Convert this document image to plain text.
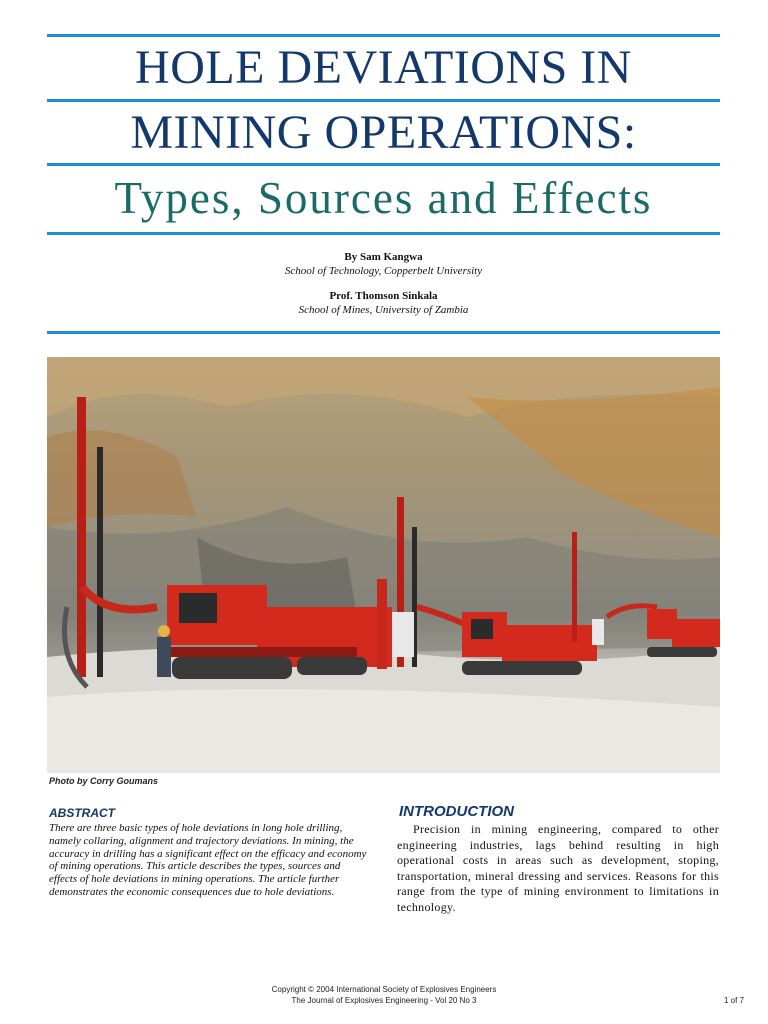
HOLE DEVIATIONS IN
MINING OPERATIONS:
Types, Sources and Effects
By Sam Kangwa
School of Technology, Copperbelt University
Prof. Thomson Sinkala
School of Mines, University of Zambia
Photo by Corry Goumans
ABSTRACT
There are three basic types of hole deviations in long hole drilling, namely collaring, alignment and trajectory deviations. In mining, the accuracy in drilling has a significant effect on the efficacy and economy of mining operations. This article describes the types, sources and effects of hole deviations in mining operations. The article further demonstrates the economic consequences due to hole deviations.
INTRODUCTION
Precision in mining engineering, compared to other engineering industries, lags behind resulting in high operational costs in areas such as development, stoping, transportation, mineral dressing and services. Reasons for this range from the type of mining environment to limitations in technology.
Copyright © 2004 International Society of Explosives Engineers
The Journal of Explosives Engineering - Vol 20 No 3	1 of 7
